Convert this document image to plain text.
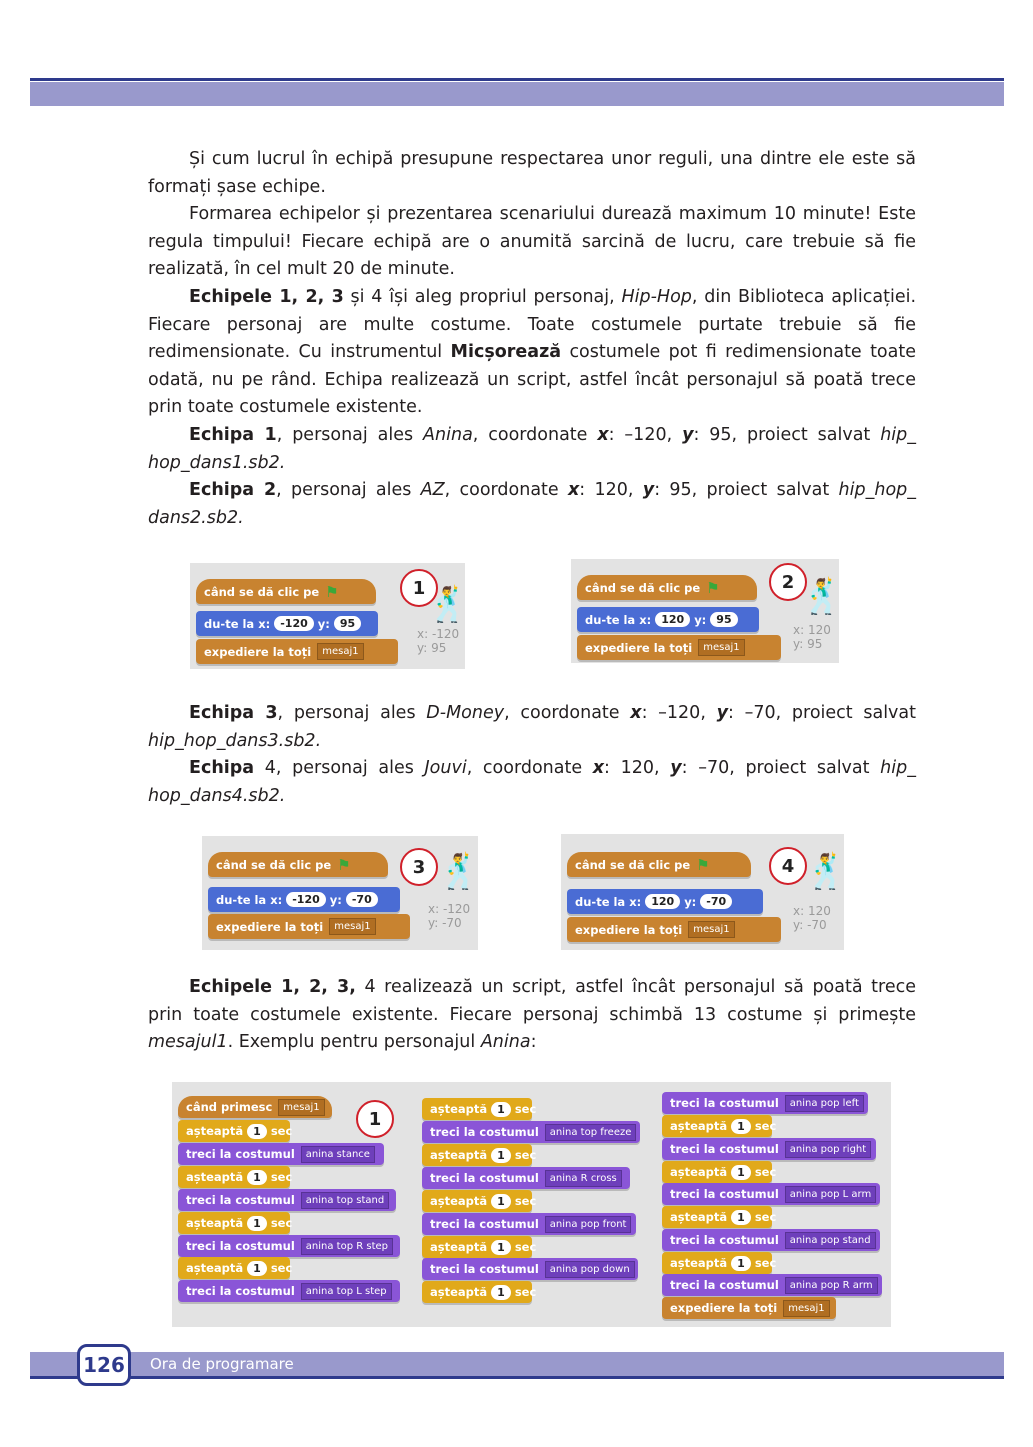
Și cum lucrul în echipă presupune respectarea unor reguli, una dintre ele este să formați șase echipe.

Formarea echipelor și prezentarea scenariului durează maximum 10 minute! Este regula timpului! Fiecare echipă are o anumită sarcină de lucru, care trebuie să fie realizată, în cel mult 20 de minute.

Echipele 1, 2, 3 și 4 își aleg propriul personaj, Hip-Hop, din Biblioteca aplicației. Fiecare personaj are multe costume. Toate costumele purtate trebuie să fie redimensionate. Cu instrumentul Micșorează costumele pot fi redimensionate toate odată, nu pe rând. Echipa realizează un script, astfel încât personajul să poată trece prin toate costumele existente.

Echipa 1, personaj ales Anina, coordonate x: –120, y: 95, proiect salvat hip_ hop_dans1.sb2.

Echipa 2, personaj ales AZ, coordonate x: 120, y: 95, proiect salvat hip_hop_ dans2.sb2.

când se dă clic pe ⚑
du-te la x: -120 y: 95
expediere la toți	mesaj1
1 🕺
x: -120
y: 95
când se dă clic pe ⚑
du-te la x: 120 y: 95
expediere la toți	mesaj1
2 🕺
x: 120
y: 95

Echipa 3, personaj ales D-Money, coordonate x: –120, y: –70, proiect salvat hip_hop_dans3.sb2.

Echipa 4, personaj ales Jouvi, coordonate x: 120, y: –70, proiect salvat hip_ hop_dans4.sb2.

când se dă clic pe ⚑
du-te la x: -120 y: -70
expediere la toți	mesaj1
3 🕺
x: -120
y: -70
când se dă clic pe ⚑
du-te la x: 120 y: -70
expediere la toți	mesaj1
4 🕺
x: 120
y: -70

Echipele 1, 2, 3, 4 realizează un script, astfel încât personajul să poată trece prin toate costumele existente. Fiecare personaj schimbă 13 costume și primește mesajul1. Exemplu pentru personajul Anina:

când primesc	mesaj1
1
așteaptă 1 sec
treci la costumul	anina stance
așteaptă 1 sec
treci la costumul	anina top stand
așteaptă 1 sec
treci la costumul	anina top R step
așteaptă 1 sec
treci la costumul	anina top L step
așteaptă 1 sec
treci la costumul	anina top freeze
așteaptă 1 sec
treci la costumul	anina R cross
așteaptă 1 sec
treci la costumul	anina pop front
așteaptă 1 sec
treci la costumul	anina pop down
așteaptă 1 sec
treci la costumul	anina pop left
așteaptă 1 sec
treci la costumul	anina pop right
așteaptă 1 sec
treci la costumul	anina pop L arm
așteaptă 1 sec
treci la costumul	anina pop stand
așteaptă 1 sec
treci la costumul	anina pop R arm
expediere la toți	mesaj1
126	Ora de programare
